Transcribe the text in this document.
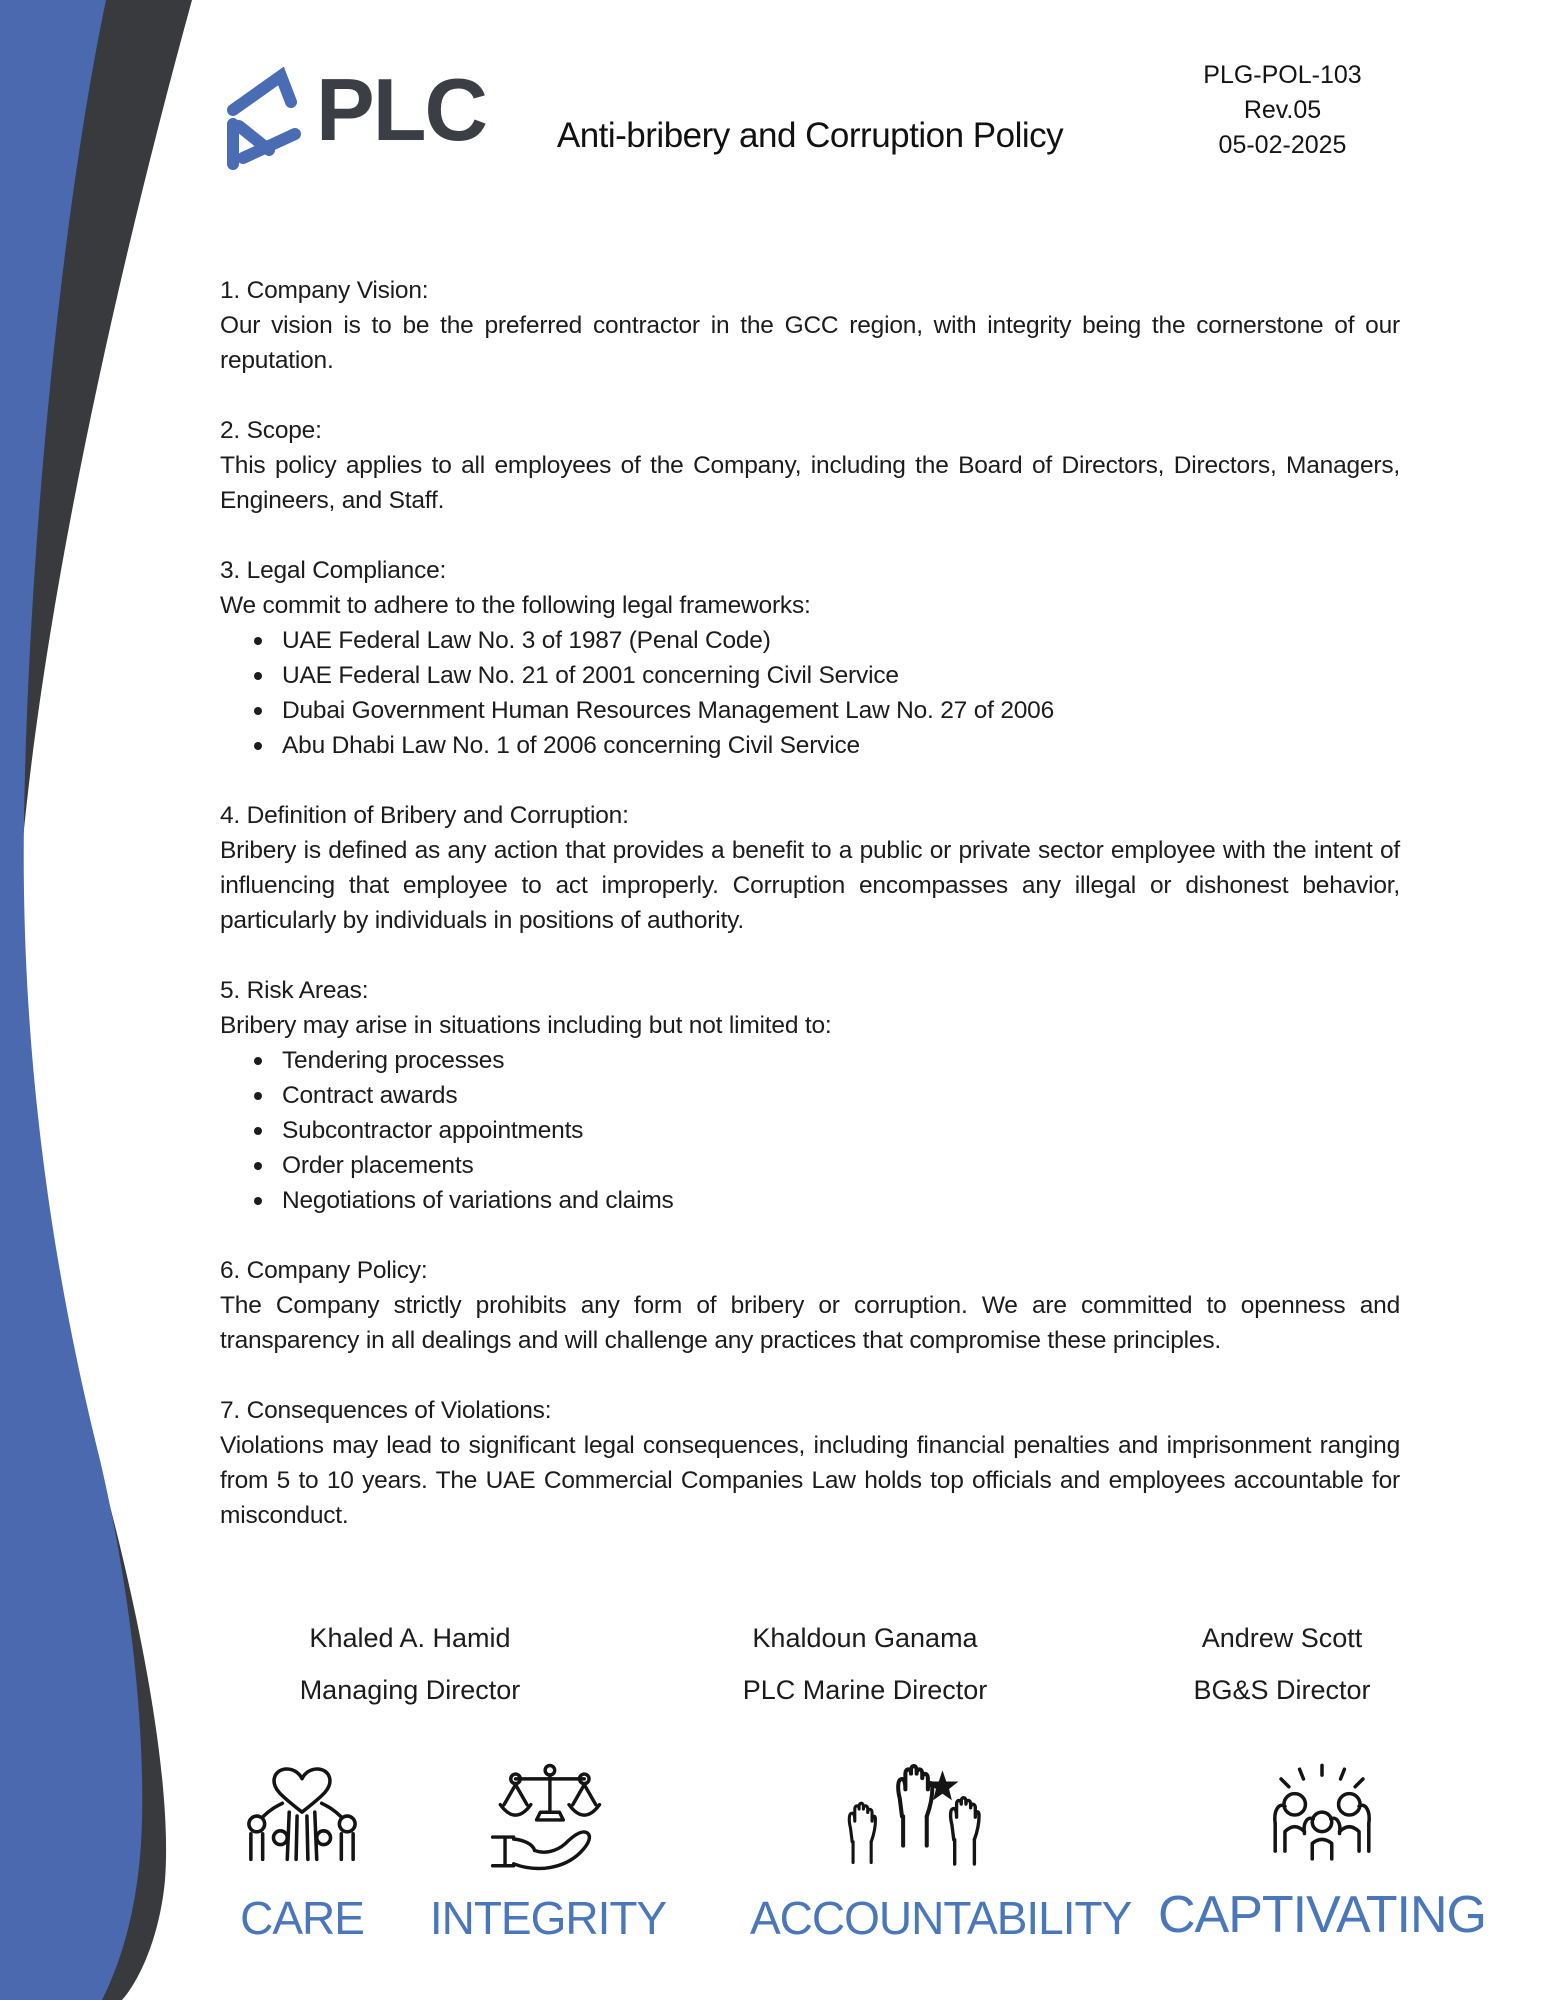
PLC	Anti-bribery and Corruption Policy
PLG-POL-103
Rev.05
05-02-2025
1. Company Vision:

Our vision is to be the preferred contractor in the GCC region, with integrity being the cornerstone of our reputation.

2. Scope:

This policy applies to all employees of the Company, including the Board of Directors, Directors, Managers, Engineers, and Staff.

3. Legal Compliance:

We commit to adhere to the following legal frameworks:

UAE Federal Law No. 3 of 1987 (Penal Code)
UAE Federal Law No. 21 of 2001 concerning Civil Service
Dubai Government Human Resources Management Law No. 27 of 2006
Abu Dhabi Law No. 1 of 2006 concerning Civil Service
4. Definition of Bribery and Corruption:

Bribery is defined as any action that provides a benefit to a public or private sector employee with the intent of influencing that employee to act improperly. Corruption encompasses any illegal or dishonest behavior, particularly by individuals in positions of authority.

5. Risk Areas:

Bribery may arise in situations including but not limited to:

Tendering processes
Contract awards
Subcontractor appointments
Order placements
Negotiations of variations and claims
6. Company Policy:

The Company strictly prohibits any form of bribery or corruption. We are committed to openness and transparency in all dealings and will challenge any practices that compromise these principles.

7. Consequences of Violations:

Violations may lead to significant legal consequences, including financial penalties and imprisonment ranging from 5 to 10 years. The UAE Commercial Companies Law holds top officials and employees accountable for misconduct.

Khaled A. Hamid
Managing Director
Khaldoun Ganama
PLC Marine Director
Andrew Scott
BG&S Director
CARE	INTEGRITY	ACCOUNTABILITY CAPTIVATING
